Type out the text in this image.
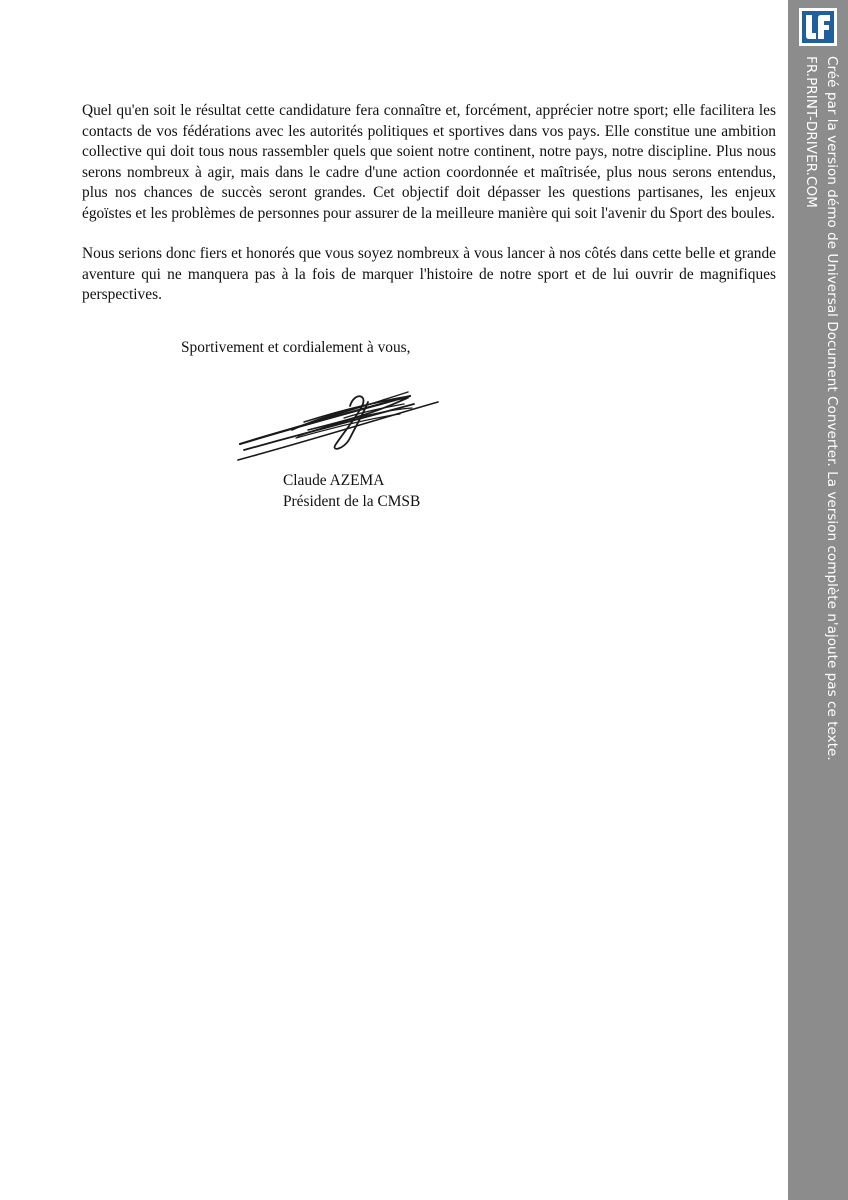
Quel qu'en soit le résultat cette candidature fera connaître et, forcément, apprécier notre sport; elle facilitera les contacts de vos fédérations avec les autorités politiques et sportives dans vos pays. Elle constitue une ambition collective qui doit tous nous rassembler quels que soient notre continent, notre pays, notre discipline. Plus nous serons nombreux à agir, mais dans le cadre d'une action coordonnée et maîtrisée, plus nous serons entendus, plus nos chances de succès seront grandes. Cet objectif doit dépasser les questions partisanes, les enjeux égoïstes et les problèmes de personnes pour assurer de la meilleure manière qui soit l'avenir du Sport des boules.

Nous serions donc fiers et honorés que vous soyez nombreux à vous lancer à nos côtés dans cette belle et grande aventure qui ne manquera pas à la fois de marquer l'histoire de notre sport et de lui ouvrir de magnifiques perspectives.

Sportivement et cordialement à vous,
Claude AZEMA
Président de la CMSB	Créé par la version démo de Universal Document Converter. La version complète n'ajoute pas ce texte.
FR.PRINT-DRIVER.COM
